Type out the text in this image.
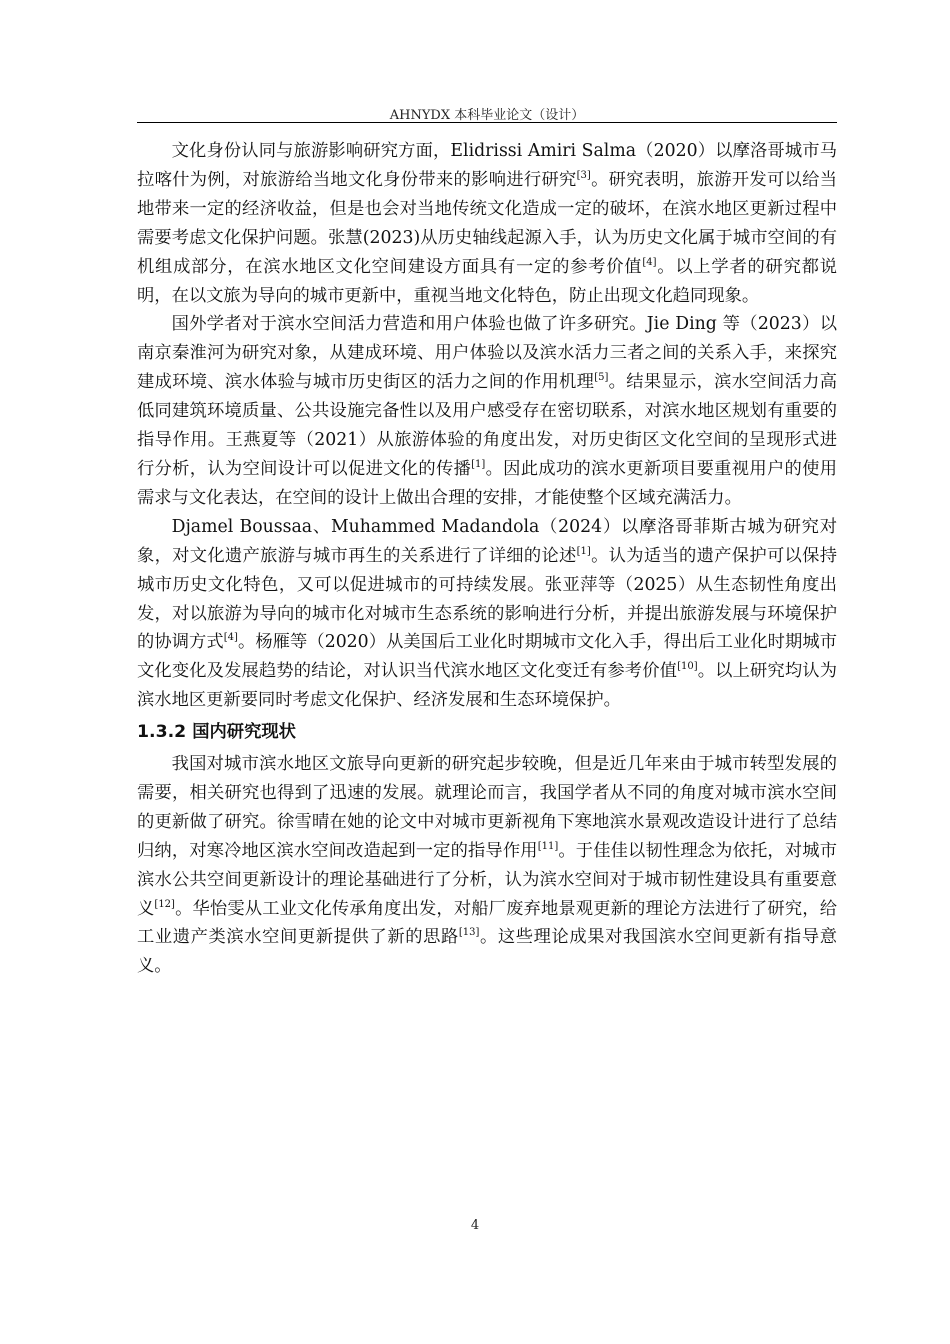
AHNYDX 本科毕业论文（设计）

文化身份认同与旅游影响研究方面，Elidrissi Amiri Salma（2020）以摩洛哥城市马拉喀什为例，对旅游给当地文化身份带来的影响进行研究[3]。研究表明，旅游开发可以给当地带来一定的经济收益，但是也会对当地传统文化造成一定的破坏，在滨水地区更新过程中需要考虑文化保护问题。张慧(2023)从历史轴线起源入手，认为历史文化属于城市空间的有机组成部分，在滨水地区文化空间建设方面具有一定的参考价值[4]。以上学者的研究都说明，在以文旅为导向的城市更新中，重视当地文化特色，防止出现文化趋同现象。

国外学者对于滨水空间活力营造和用户体验也做了许多研究。Jie Ding 等（2023）以南京秦淮河为研究对象，从建成环境、用户体验以及滨水活力三者之间的关系入手，来探究建成环境、滨水体验与城市历史街区的活力之间的作用机理[5]。结果显示，滨水空间活力高低同建筑环境质量、公共设施完备性以及用户感受存在密切联系，对滨水地区规划有重要的指导作用。王燕夏等（2021）从旅游体验的角度出发，对历史街区文化空间的呈现形式进行分析，认为空间设计可以促进文化的传播[1]。因此成功的滨水更新项目要重视用户的使用需求与文化表达，在空间的设计上做出合理的安排，才能使整个区域充满活力。

Djamel Boussaa、Muhammed Madandola（2024）以摩洛哥菲斯古城为研究对象，对文化遗产旅游与城市再生的关系进行了详细的论述[1]。认为适当的遗产保护可以保持城市历史文化特色，又可以促进城市的可持续发展。张亚萍等（2025）从生态韧性角度出发，对以旅游为导向的城市化对城市生态系统的影响进行分析，并提出旅游发展与环境保护的协调方式[4]。杨雁等（2020）从美国后工业化时期城市文化入手，得出后工业化时期城市文化变化及发展趋势的结论，对认识当代滨水地区文化变迁有参考价值[10]。以上研究均认为滨水地区更新要同时考虑文化保护、经济发展和生态环境保护。

1.3.2 国内研究现状

我国对城市滨水地区文旅导向更新的研究起步较晚，但是近几年来由于城市转型发展的需要，相关研究也得到了迅速的发展。就理论而言，我国学者从不同的角度对城市滨水空间的更新做了研究。徐雪晴在她的论文中对城市更新视角下寒地滨水景观改造设计进行了总结归纳，对寒冷地区滨水空间改造起到一定的指导作用[11]。于佳佳以韧性理念为依托，对城市滨水公共空间更新设计的理论基础进行了分析，认为滨水空间对于城市韧性建设具有重要意义[12]。华怡雯从工业文化传承角度出发，对船厂废弃地景观更新的理论方法进行了研究，给工业遗产类滨水空间更新提供了新的思路[13]。这些理论成果对我国滨水空间更新有指导意义。

4
